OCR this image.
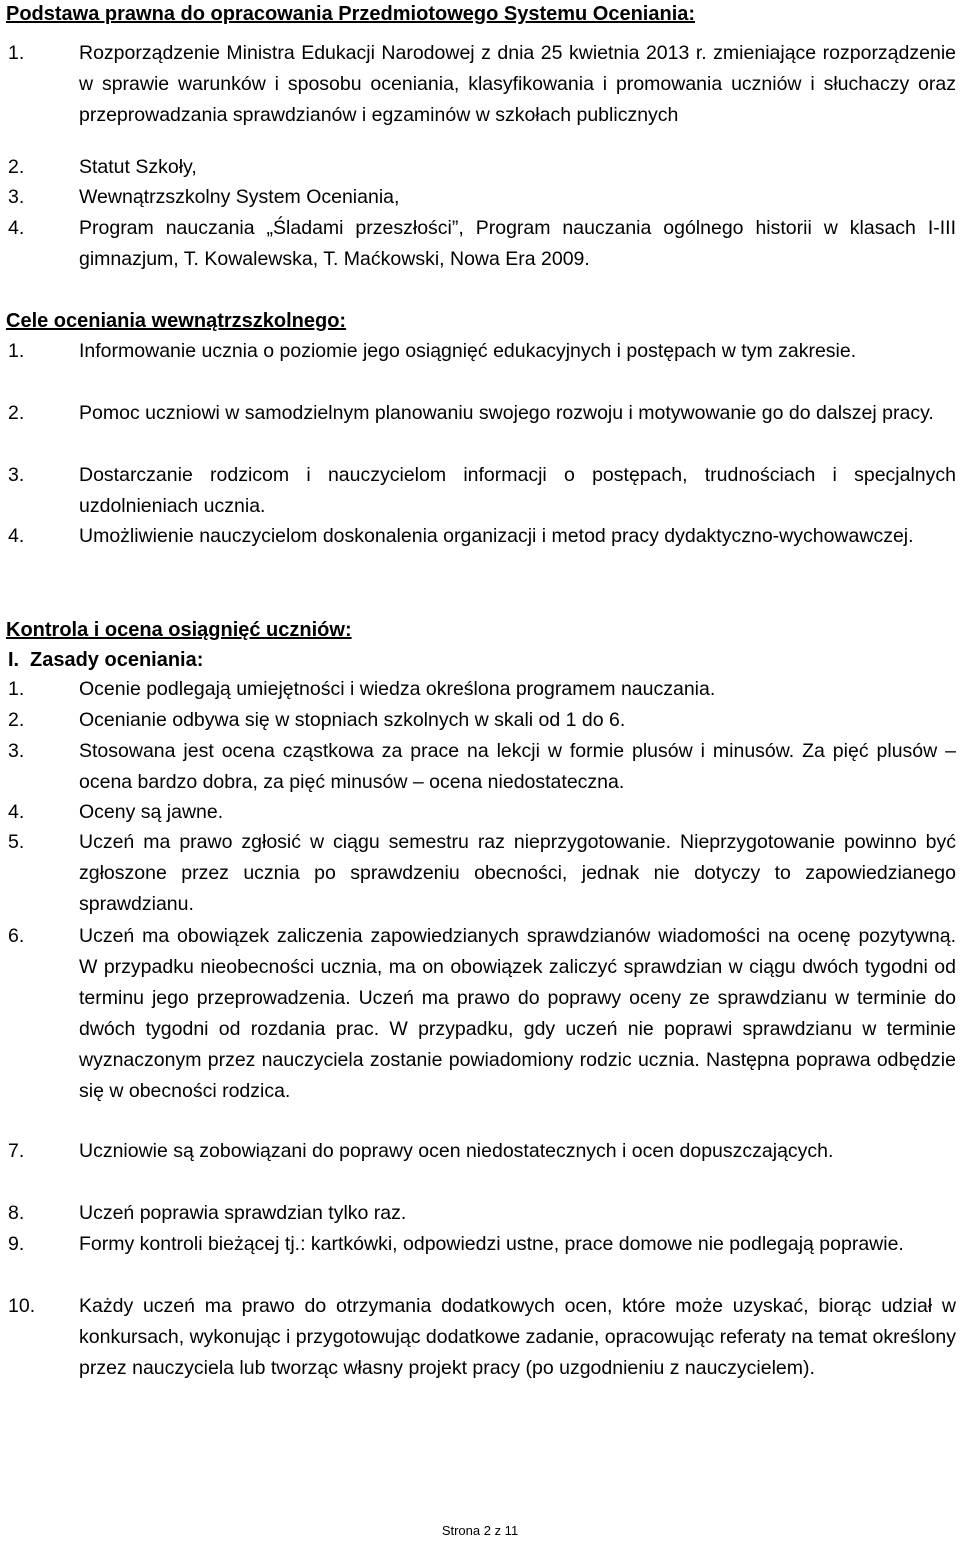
Podstawa prawna do opracowania Przedmiotowego Systemu Oceniania:
1.	Rozporządzenie Ministra Edukacji Narodowej z dnia 25 kwietnia 2013 r. zmieniające rozporządzenie w sprawie warunków i sposobu oceniania, klasyfikowania i promowania uczniów i słuchaczy oraz przeprowadzania sprawdzianów i egzaminów w szkołach publicznych
2.	Statut Szkoły,
3.	Wewnątrzszkolny System Oceniania,
4.	Program nauczania „Śladami przeszłości”, Program nauczania ogólnego historii w klasach I-III gimnazjum, T. Kowalewska, T. Maćkowski, Nowa Era 2009.
Cele oceniania wewnątrzszkolnego:
1.	Informowanie ucznia o poziomie jego osiągnięć edukacyjnych i postępach w tym zakresie.
2.	Pomoc uczniowi w samodzielnym planowaniu swojego rozwoju i motywowanie go do dalszej pracy.
3.	Dostarczanie rodzicom i nauczycielom informacji o postępach, trudnościach i specjalnych uzdolnieniach ucznia.
4.	Umożliwienie nauczycielom doskonalenia organizacji i metod pracy dydaktyczno-wychowawczej.
Kontrola i ocena osiągnięć uczniów:
I. Zasady oceniania:
1.	Ocenie podlegają umiejętności i wiedza określona programem nauczania.
2.	Ocenianie odbywa się w stopniach szkolnych w skali od 1 do 6.
3.	Stosowana jest ocena cząstkowa za prace na lekcji w formie plusów i minusów. Za pięć plusów – ocena bardzo dobra, za pięć minusów – ocena niedostateczna.
4.	Oceny są jawne.
5.	Uczeń ma prawo zgłosić w ciągu semestru raz nieprzygotowanie. Nieprzygotowanie powinno być zgłoszone przez ucznia po sprawdzeniu obecności, jednak nie dotyczy to zapowiedzianego sprawdzianu.
6.	Uczeń ma obowiązek zaliczenia zapowiedzianych sprawdzianów wiadomości na ocenę pozytywną. W przypadku nieobecności ucznia, ma on obowiązek zaliczyć sprawdzian w ciągu dwóch tygodni od terminu jego przeprowadzenia. Uczeń ma prawo do poprawy oceny ze sprawdzianu w terminie do dwóch tygodni od rozdania prac. W przypadku, gdy uczeń nie poprawi sprawdzianu w terminie wyznaczonym przez nauczyciela zostanie powiadomiony rodzic ucznia. Następna poprawa odbędzie się w obecności rodzica.
7.	Uczniowie są zobowiązani do poprawy ocen niedostatecznych i ocen dopuszczających.
8.	Uczeń poprawia sprawdzian tylko raz.
9.	Formy kontroli bieżącej tj.: kartkówki, odpowiedzi ustne, prace domowe nie podlegają poprawie.
10.	Każdy uczeń ma prawo do otrzymania dodatkowych ocen, które może uzyskać, biorąc udział w konkursach, wykonując i przygotowując dodatkowe zadanie, opracowując referaty na temat określony przez nauczyciela lub tworząc własny projekt pracy (po uzgodnieniu z nauczycielem).
Strona 2 z 11
